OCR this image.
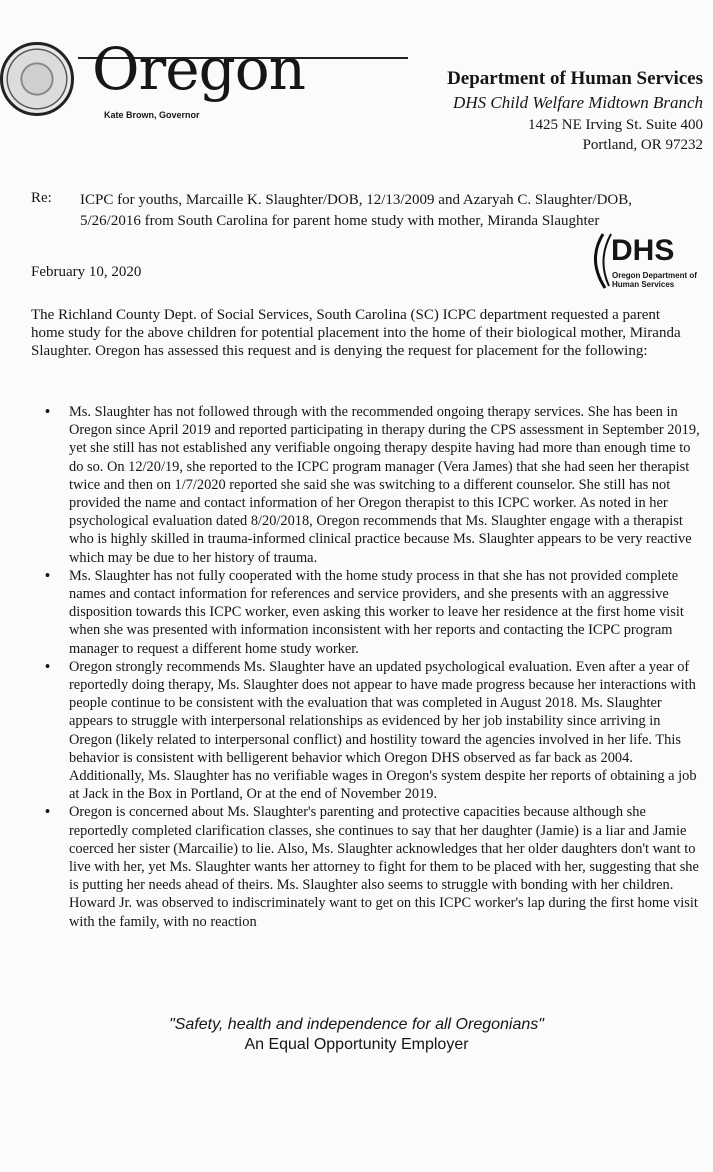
Oregon
Kate Brown, Governor
Department of Human Services
DHS Child Welfare Midtown Branch
1425 NE Irving St. Suite 400
Portland, OR 97232
Re: ICPC for youths, Marcaille K. Slaughter/DOB, 12/13/2009 and Azaryah C. Slaughter/DOB, 5/26/2016 from South Carolina for parent home study with mother, Miranda Slaughter
DHS
Oregon Department of Human Services
February 10, 2020
The Richland County Dept. of Social Services, South Carolina (SC) ICPC department requested a parent home study for the above children for potential placement into the home of their biological mother, Miranda Slaughter. Oregon has assessed this request and is denying the request for placement for the following:
• Ms. Slaughter has not followed through with the recommended ongoing therapy services. She has been in Oregon since April 2019 and reported participating in therapy during the CPS assessment in September 2019, yet she still has not established any verifiable ongoing therapy despite having had more than enough time to do so. On 12/20/19, she reported to the ICPC program manager (Vera James) that she had seen her therapist twice and then on 1/7/2020 reported she said she was switching to a different counselor. She still has not provided the name and contact information of her Oregon therapist to this ICPC worker. As noted in her psychological evaluation dated 8/20/2018, Oregon recommends that Ms. Slaughter engage with a therapist who is highly skilled in trauma-informed clinical practice because Ms. Slaughter appears to be very reactive which may be due to her history of trauma.
• Ms. Slaughter has not fully cooperated with the home study process in that she has not provided complete names and contact information for references and service providers, and she presents with an aggressive disposition towards this ICPC worker, even asking this worker to leave her residence at the first home visit when she was presented with information inconsistent with her reports and contacting the ICPC program manager to request a different home study worker.
• Oregon strongly recommends Ms. Slaughter have an updated psychological evaluation. Even after a year of reportedly doing therapy, Ms. Slaughter does not appear to have made progress because her interactions with people continue to be consistent with the evaluation that was completed in August 2018. Ms. Slaughter appears to struggle with interpersonal relationships as evidenced by her job instability since arriving in Oregon (likely related to interpersonal conflict) and hostility toward the agencies involved in her life. This behavior is consistent with belligerent behavior which Oregon DHS observed as far back as 2004. Additionally, Ms. Slaughter has no verifiable wages in Oregon's system despite her reports of obtaining a job at Jack in the Box in Portland, Or at the end of November 2019.
• Oregon is concerned about Ms. Slaughter's parenting and protective capacities because although she reportedly completed clarification classes, she continues to say that her daughter (Jamie) is a liar and Jamie coerced her sister (Marcailie) to lie. Also, Ms. Slaughter acknowledges that her older daughters don't want to live with her, yet Ms. Slaughter wants her attorney to fight for them to be placed with her, suggesting that she is putting her needs ahead of theirs. Ms. Slaughter also seems to struggle with bonding with her children. Howard Jr. was observed to indiscriminately want to get on this ICPC worker's lap during the first home visit with the family, with no reaction
"Safety, health and independence for all Oregonians"
An Equal Opportunity Employer
